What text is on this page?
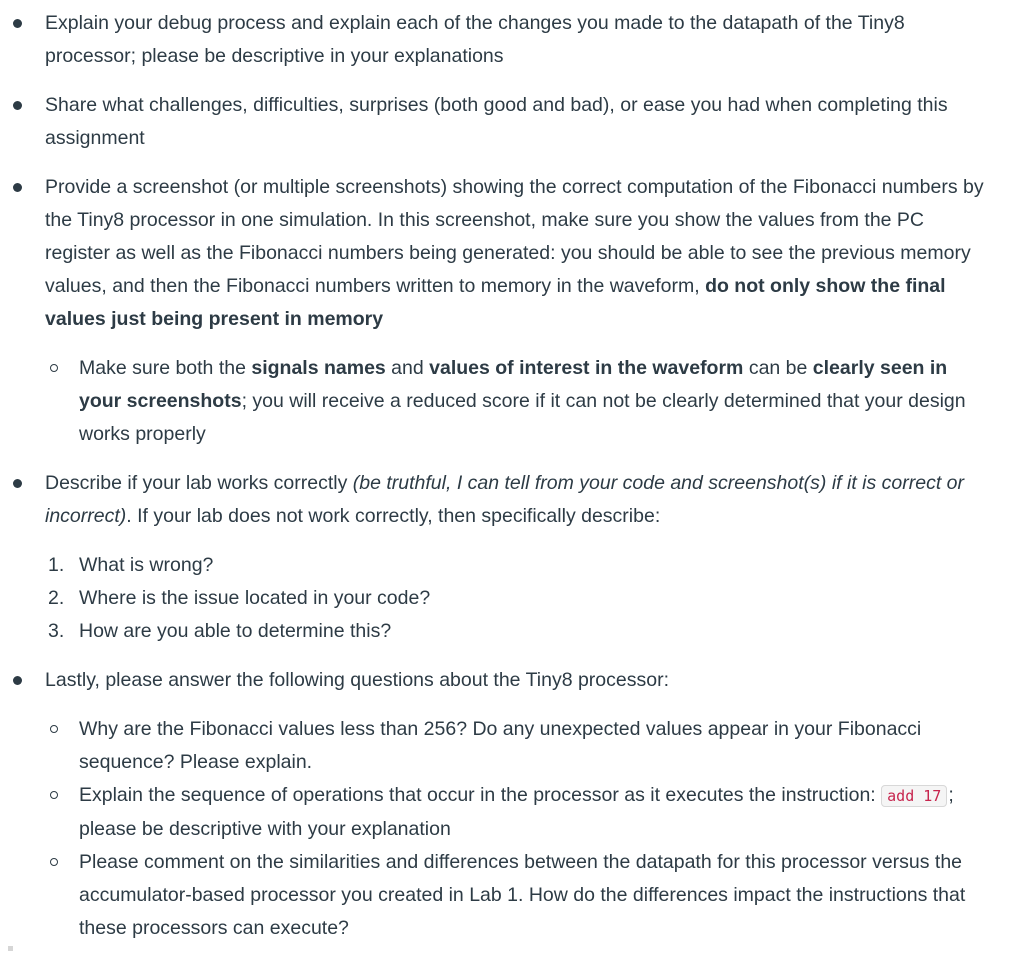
Explain your debug process and explain each of the changes you made to the datapath of the Tiny8 processor; please be descriptive in your explanations
Share what challenges, difficulties, surprises (both good and bad), or ease you had when completing this assignment
Provide a screenshot (or multiple screenshots) showing the correct computation of the Fibonacci numbers by the Tiny8 processor in one simulation. In this screenshot, make sure you show the values from the PC register as well as the Fibonacci numbers being generated: you should be able to see the previous memory values, and then the Fibonacci numbers written to memory in the waveform, do not only show the final values just being present in memory
Make sure both the signals names and values of interest in the waveform can be clearly seen in your screenshots; you will receive a reduced score if it can not be clearly determined that your design works properly
Describe if your lab works correctly (be truthful, I can tell from your code and screenshot(s) if it is correct or incorrect). If your lab does not work correctly, then specifically describe:
1. What is wrong?
2. Where is the issue located in your code?
3. How are you able to determine this?
Lastly, please answer the following questions about the Tiny8 processor:
Why are the Fibonacci values less than 256? Do any unexpected values appear in your Fibonacci sequence? Please explain.
Explain the sequence of operations that occur in the processor as it executes the instruction: add 17 ; please be descriptive with your explanation
Please comment on the similarities and differences between the datapath for this processor versus the accumulator-based processor you created in Lab 1. How do the differences impact the instructions that these processors can execute?
